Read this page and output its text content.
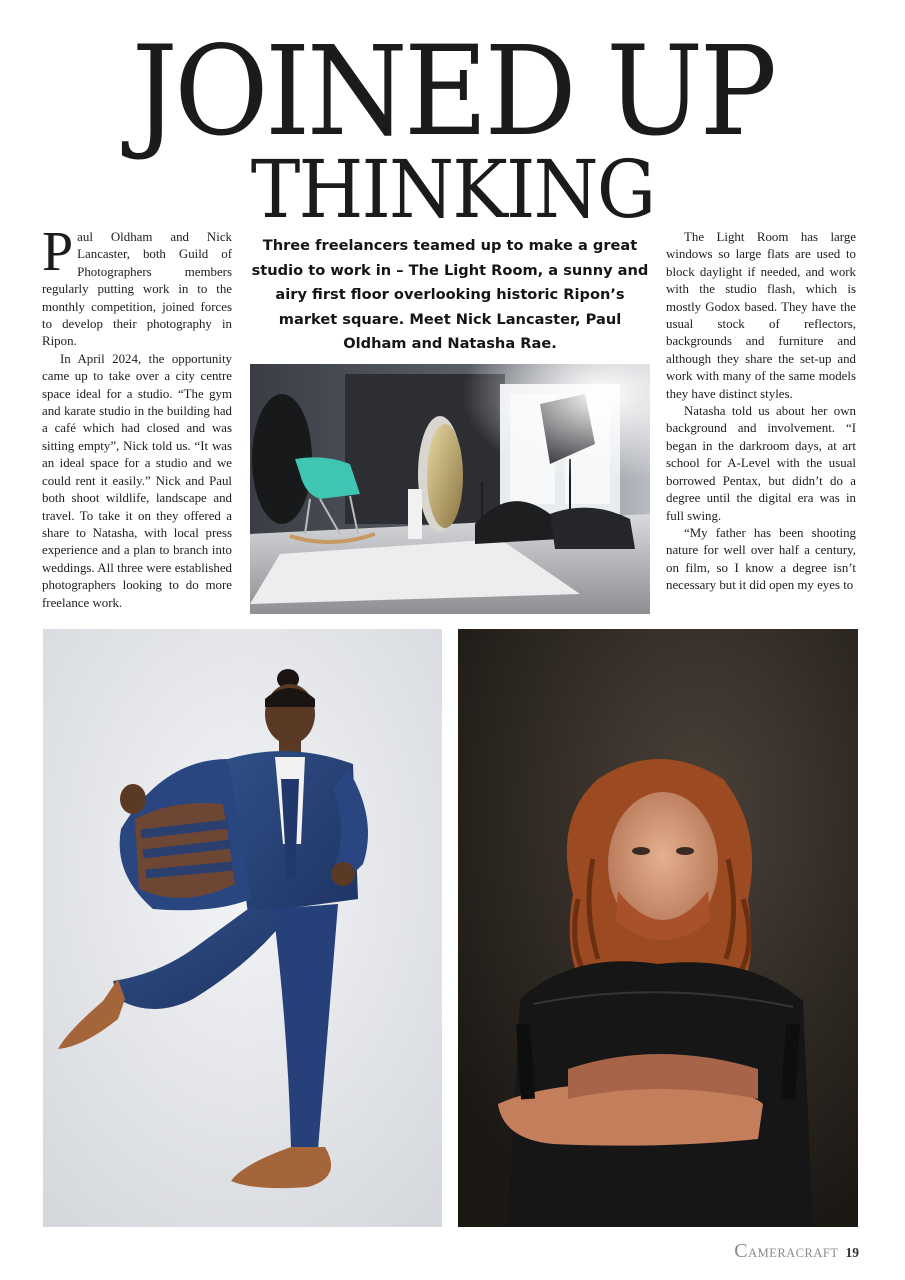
JOINED UP
THINKING

Paul Oldham and Nick Lancaster, both Guild of Photographers members regularly putting work in to the monthly competition, joined forces to develop their photography in Ripon.

In April 2024, the opportunity came up to take over a city centre space ideal for a studio. “The gym and karate studio in the building had a café which had closed and was sitting empty”, Nick told us. “It was an ideal space for a studio and we could rent it easily.” Nick and Paul both shoot wildlife, landscape and travel. To take it on they offered a share to Natasha, with local press experience and a plan to branch into weddings. All three were established photographers looking to do more freelance work.

Three freelancers teamed up to make a great studio to work in – The Light Room, a sunny and airy first floor overlooking historic Ripon’s market square. Meet Nick Lancaster, Paul Oldham and Natasha Rae.

The Light Room has large windows so large flats are used to block daylight if needed, and work with the studio flash, which is mostly Godox based. They have the usual stock of reflectors, backgrounds and furniture and although they share the set-up and work with many of the same models they have distinct styles.

Natasha told us about her own background and involvement. “I began in the darkroom days, at art school for A-Level with the usual borrowed Pentax, but didn’t do a degree until the digital era was in full swing.

“My father has been shooting nature for well over half a century, on film, so I know a degree isn’t necessary but it did open my eyes to

CAMERACRAFT 19
